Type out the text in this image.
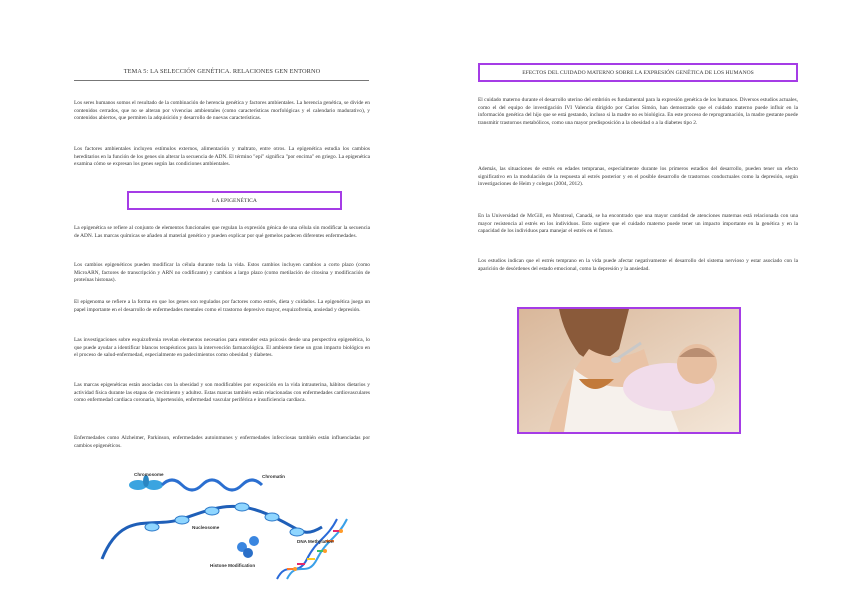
TEMA 5: LA SELECCIÓN GENÉTICA. RELACIONES GEN ENTORNO

Los seres humanos somos el resultado de la combinación de herencia genética y factores ambientales. La herencia genética, se divide en contenidos cerrados, que no se alteran por vivencias ambientales (como características morfológicas y el calendario madurativo), y contenidos abiertos, que permiten la adquisición y desarrollo de nuevas características.

Los factores ambientales incluyen estímulos externos, alimentación y maltrato, entre otros. La epigenética estudia los cambios hereditarios en la función de los genes sin alterar la secuencia de ADN. El término "epi" significa "por encima" en griego. La epigenética examina cómo se expresan los genes según las condiciones ambientales.

LA EPIGENÉTICA

La epigenética se refiere al conjunto de elementos funcionales que regulan la expresión génica de una célula sin modificar la secuencia de ADN. Las marcas químicas se añaden al material genético y pueden explicar por qué gemelos padecen diferentes enfermedades.

Los cambios epigenéticos pueden modificar la célula durante toda la vida. Estos cambios incluyen cambios a corto plazo (como MicroARN, factores de transcripción y ARN no codificante) y cambios a largo plazo (como metilación de citosina y modificación de proteínas histonas).

El epigenoma se refiere a la forma en que los genes son regulados por factores como estrés, dieta y cuidados. La epigenética juega un papel importante en el desarrollo de enfermedades mentales como el trastorno depresivo mayor, esquizofrenia, ansiedad y depresión.

Las investigaciones sobre esquizofrenia revelan elementos necesarios para entender esta psicosis desde una perspectiva epigenética, lo que puede ayudar a identificar blancos terapéuticos para la intervención farmacológica. El ambiente tiene un gran impacto biológico en el proceso de salud-enfermedad, especialmente en padecimientos como obesidad y diabetes.

Las marcas epigenéticas están asociadas con la obesidad y son modificables por exposición en la vida intrauterina, hábitos dietarios y actividad física durante las etapas de crecimiento y adultez. Estas marcas también están relacionadas con enfermedades cardiovasculares como enfermedad cardiaca coronaria, hipertensión, enfermedad vascular periférica e insuficiencia cardiaca.

Enfermedades como Alzheimer, Parkinson, enfermedades autoinmunes y enfermedades infecciosas también están influenciadas por cambios epigenéticos.

Chromosome	Chromatin
Nucleosome
Histone Modification
DNA Methylation
EFECTOS DEL CUIDADO MATERNO SOBRE LA EXPRESIÓN GENÉTICA DE LOS HUMANOS

El cuidado materno durante el desarrollo uterino del embrión es fundamental para la expresión genética de los humanos. Diversos estudios actuales, como el del equipo de investigación IVI Valencia dirigido por Carlos Simón, han demostrado que el cuidado materno puede influir en la información genética del hijo que se está gestando, incluso si la madre no es biológica. En este proceso de reprogramación, la madre gestante puede transmitir trastornos metabólicos, como una mayor predisposición a la obesidad o a la diabetes tipo 2.

Además, las situaciones de estrés en edades tempranas, especialmente durante los primeros estadios del desarrollo, pueden tener un efecto significativo en la modulación de la respuesta al estrés posterior y en el posible desarrollo de trastornos conductuales como la depresión, según investigaciones de Heim y colegas (2004, 2012).

En la Universidad de McGill, en Montreal, Canadá, se ha encontrado que una mayor cantidad de atenciones maternas está relacionada con una mayor resistencia al estrés en los individuos. Esto sugiere que el cuidado materno puede tener un impacto importante en la genética y en la capacidad de los individuos para manejar el estrés en el futuro.

Los estudios indican que el estrés temprano en la vida puede afectar negativamente el desarrollo del sistema nervioso y estar asociado con la aparición de desórdenes del estado emocional, como la depresión y la ansiedad.
